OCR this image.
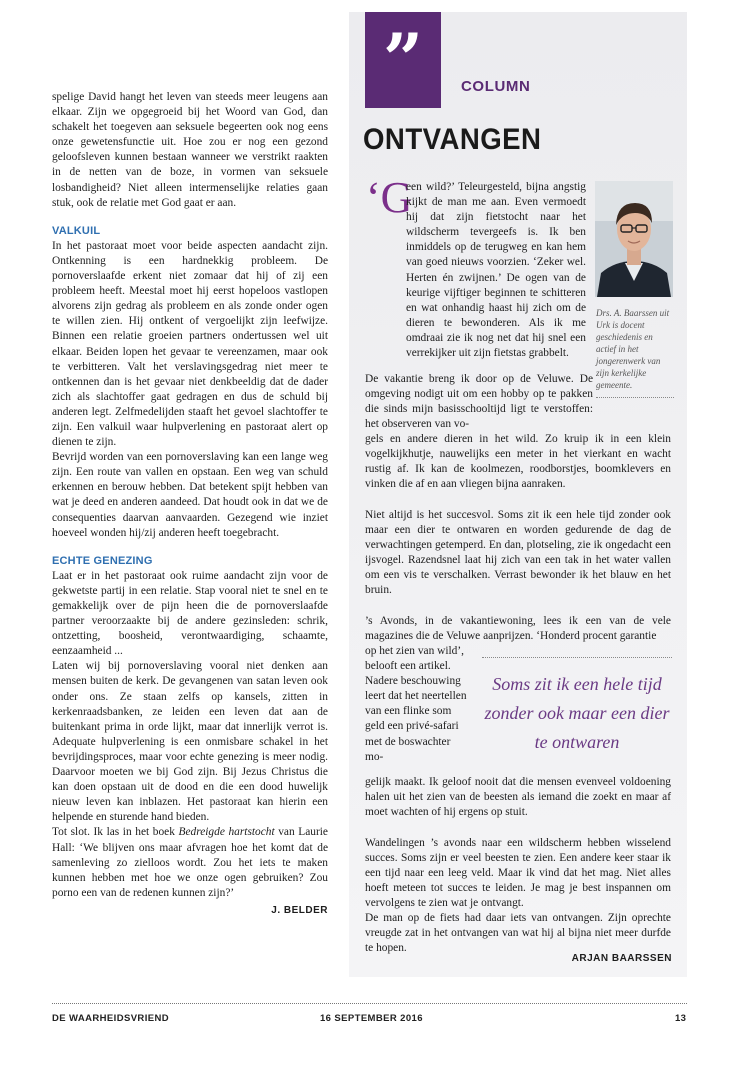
spelige David hangt het leven van steeds meer leugens aan elkaar. Zijn we opgegroeid bij het Woord van God, dan schakelt het toegeven aan seksuele begeerten ook nog eens onze gewetensfunctie uit. Hoe zou er nog een gezond geloofsleven kunnen bestaan wanneer we verstrikt raakten in de netten van de boze, in vormen van seksuele losbandigheid? Niet alleen intermenselijke relaties gaan stuk, ook de relatie met God gaat er aan.

VALKUIL

In het pastoraat moet voor beide aspecten aandacht zijn. Ontkenning is een hardnekkig probleem. De pornoverslaafde erkent niet zomaar dat hij of zij een probleem heeft. Meestal moet hij eerst hopeloos vastlopen alvorens zijn gedrag als probleem en als zonde onder ogen te willen zien. Hij ontkent of vergoelijkt zijn leefwijze. Binnen een relatie groeien partners ondertussen wel uit elkaar. Beiden lopen het gevaar te vereenzamen, maar ook te verbitteren. Valt het verslavingsgedrag niet meer te ontkennen dan is het gevaar niet denkbeeldig dat de dader zich als slachtoffer gaat gedragen en dus de schuld bij anderen legt. Zelfmedelijden staaft het gevoel slachtoffer te zijn. Een valkuil waar hulpverlening en pastoraat alert op dienen te zijn.

Bevrijd worden van een pornoverslaving kan een lange weg zijn. Een route van vallen en opstaan. Een weg van schuld erkennen en berouw hebben. Dat betekent spijt hebben van wat je deed en anderen aandeed. Dat houdt ook in dat we de consequenties daarvan aanvaarden. Gezegend wie inziet hoeveel wonden hij/zij anderen heeft toegebracht.

ECHTE GENEZING

Laat er in het pastoraat ook ruime aandacht zijn voor de gekwetste partij in een relatie. Stap vooral niet te snel en te gemakkelijk over de pijn heen die de pornoverslaafde partner veroorzaakte bij de andere gezinsleden: schrik, ontzetting, boosheid, verontwaardiging, schaamte, eenzaamheid ...

Laten wij bij pornoverslaving vooral niet denken aan mensen buiten de kerk. De gevangenen van satan leven ook onder ons. Ze staan zelfs op kansels, zitten in kerkenraadsbanken, ze leiden een leven dat aan de buitenkant prima in orde lijkt, maar dat innerlijk verrot is. Adequate hulpverlening is een onmisbare schakel in het bevrijdingsproces, maar voor echte genezing is meer nodig. Daarvoor moeten we bij God zijn. Bij Jezus Christus die kan doen opstaan uit de dood en die een dood huwelijk nieuw leven kan inblazen. Het pastoraat kan hierin een helpende en sturende hand bieden.

Tot slot. Ik las in het boek Bedreigde hartstocht van Laurie Hall: ‘We blijven ons maar afvragen hoe het komt dat de samenleving zo zielloos wordt. Zou het iets te maken kunnen hebben met hoe we onze ogen gebruiken? Zou porno een van de redenen kunnen zijn?’

J. BELDER

”	COLUMN
ONTVANGEN
‘G

een wild?’ Teleurgesteld, bijna angstig kijkt de man me aan. Even vermoedt hij dat zijn fietstocht naar het wildscherm tevergeefs is. Ik ben inmiddels op de terugweg en kan hem van goed nieuws voorzien. ‘Zeker wel. Herten én zwijnen.’ De ogen van de keurige vijftiger beginnen te schitteren en wat onhandig haast hij zich om de dieren te bewonderen. Als ik me omdraai zie ik nog net dat hij snel een verrekijker uit zijn fietstas grabbelt.

Drs. A. Baarssen uit Urk is docent geschiedenis en actief in het jongerenwerk van zijn kerkelijke gemeente.
De vakantie breng ik door op de Veluwe. De omgeving nodigt uit om een hobby op te pakken die sinds mijn basisschooltijd ligt te verstoffen: het observeren van vo-
gels en andere dieren in het wild. Zo kruip ik in een klein vogelkijkhutje, nauwelijks een meter in het vierkant en wacht rustig af. Ik kan de koolmezen, roodborstjes, boomklevers en vinken die af en aan vliegen bijna aanraken.
Niet altijd is het succesvol. Soms zit ik een hele tijd zonder ook maar een dier te ontwaren en worden gedurende de dag de verwachtingen getemperd. En dan, plotseling, zie ik ongedacht een ijsvogel. Razendsnel laat hij zich van een tak in het water vallen om een vis te verschalken. Verrast bewonder ik het blauw en het bruin.
’s Avonds, in de vakantiewoning, lees ik een van de vele magazines die de Veluwe aanprijzen. ‘Honderd procent garantie
op het zien van wild’, belooft een artikel. Nadere beschouwing leert dat het neertellen van een flinke som geld een privé-safari met de boswachter mo-
gelijk maakt. Ik geloof nooit dat die mensen evenveel voldoening halen uit het zien van de beesten als iemand die zoekt en maar af moet wachten of hij ergens op stuit.
Soms zit ik een hele tijd zonder ook maar een dier te ontwaren
Wandelingen ’s avonds naar een wildscherm hebben wisselend succes. Soms zijn er veel beesten te zien. Een andere keer staar ik een tijd naar een leeg veld. Maar ik vind dat het mag. Niet alles hoeft meteen tot succes te leiden. Je mag je best inspannen om vervolgens te zien wat je ontvangt.
De man op de fiets had daar iets van ontvangen. Zijn oprechte vreugde zat in het ontvangen van wat hij al bijna niet meer durfde te hopen.
ARJAN BAARSSEN
DE WAARHEIDSVRIEND	16 SEPTEMBER 2016	13
